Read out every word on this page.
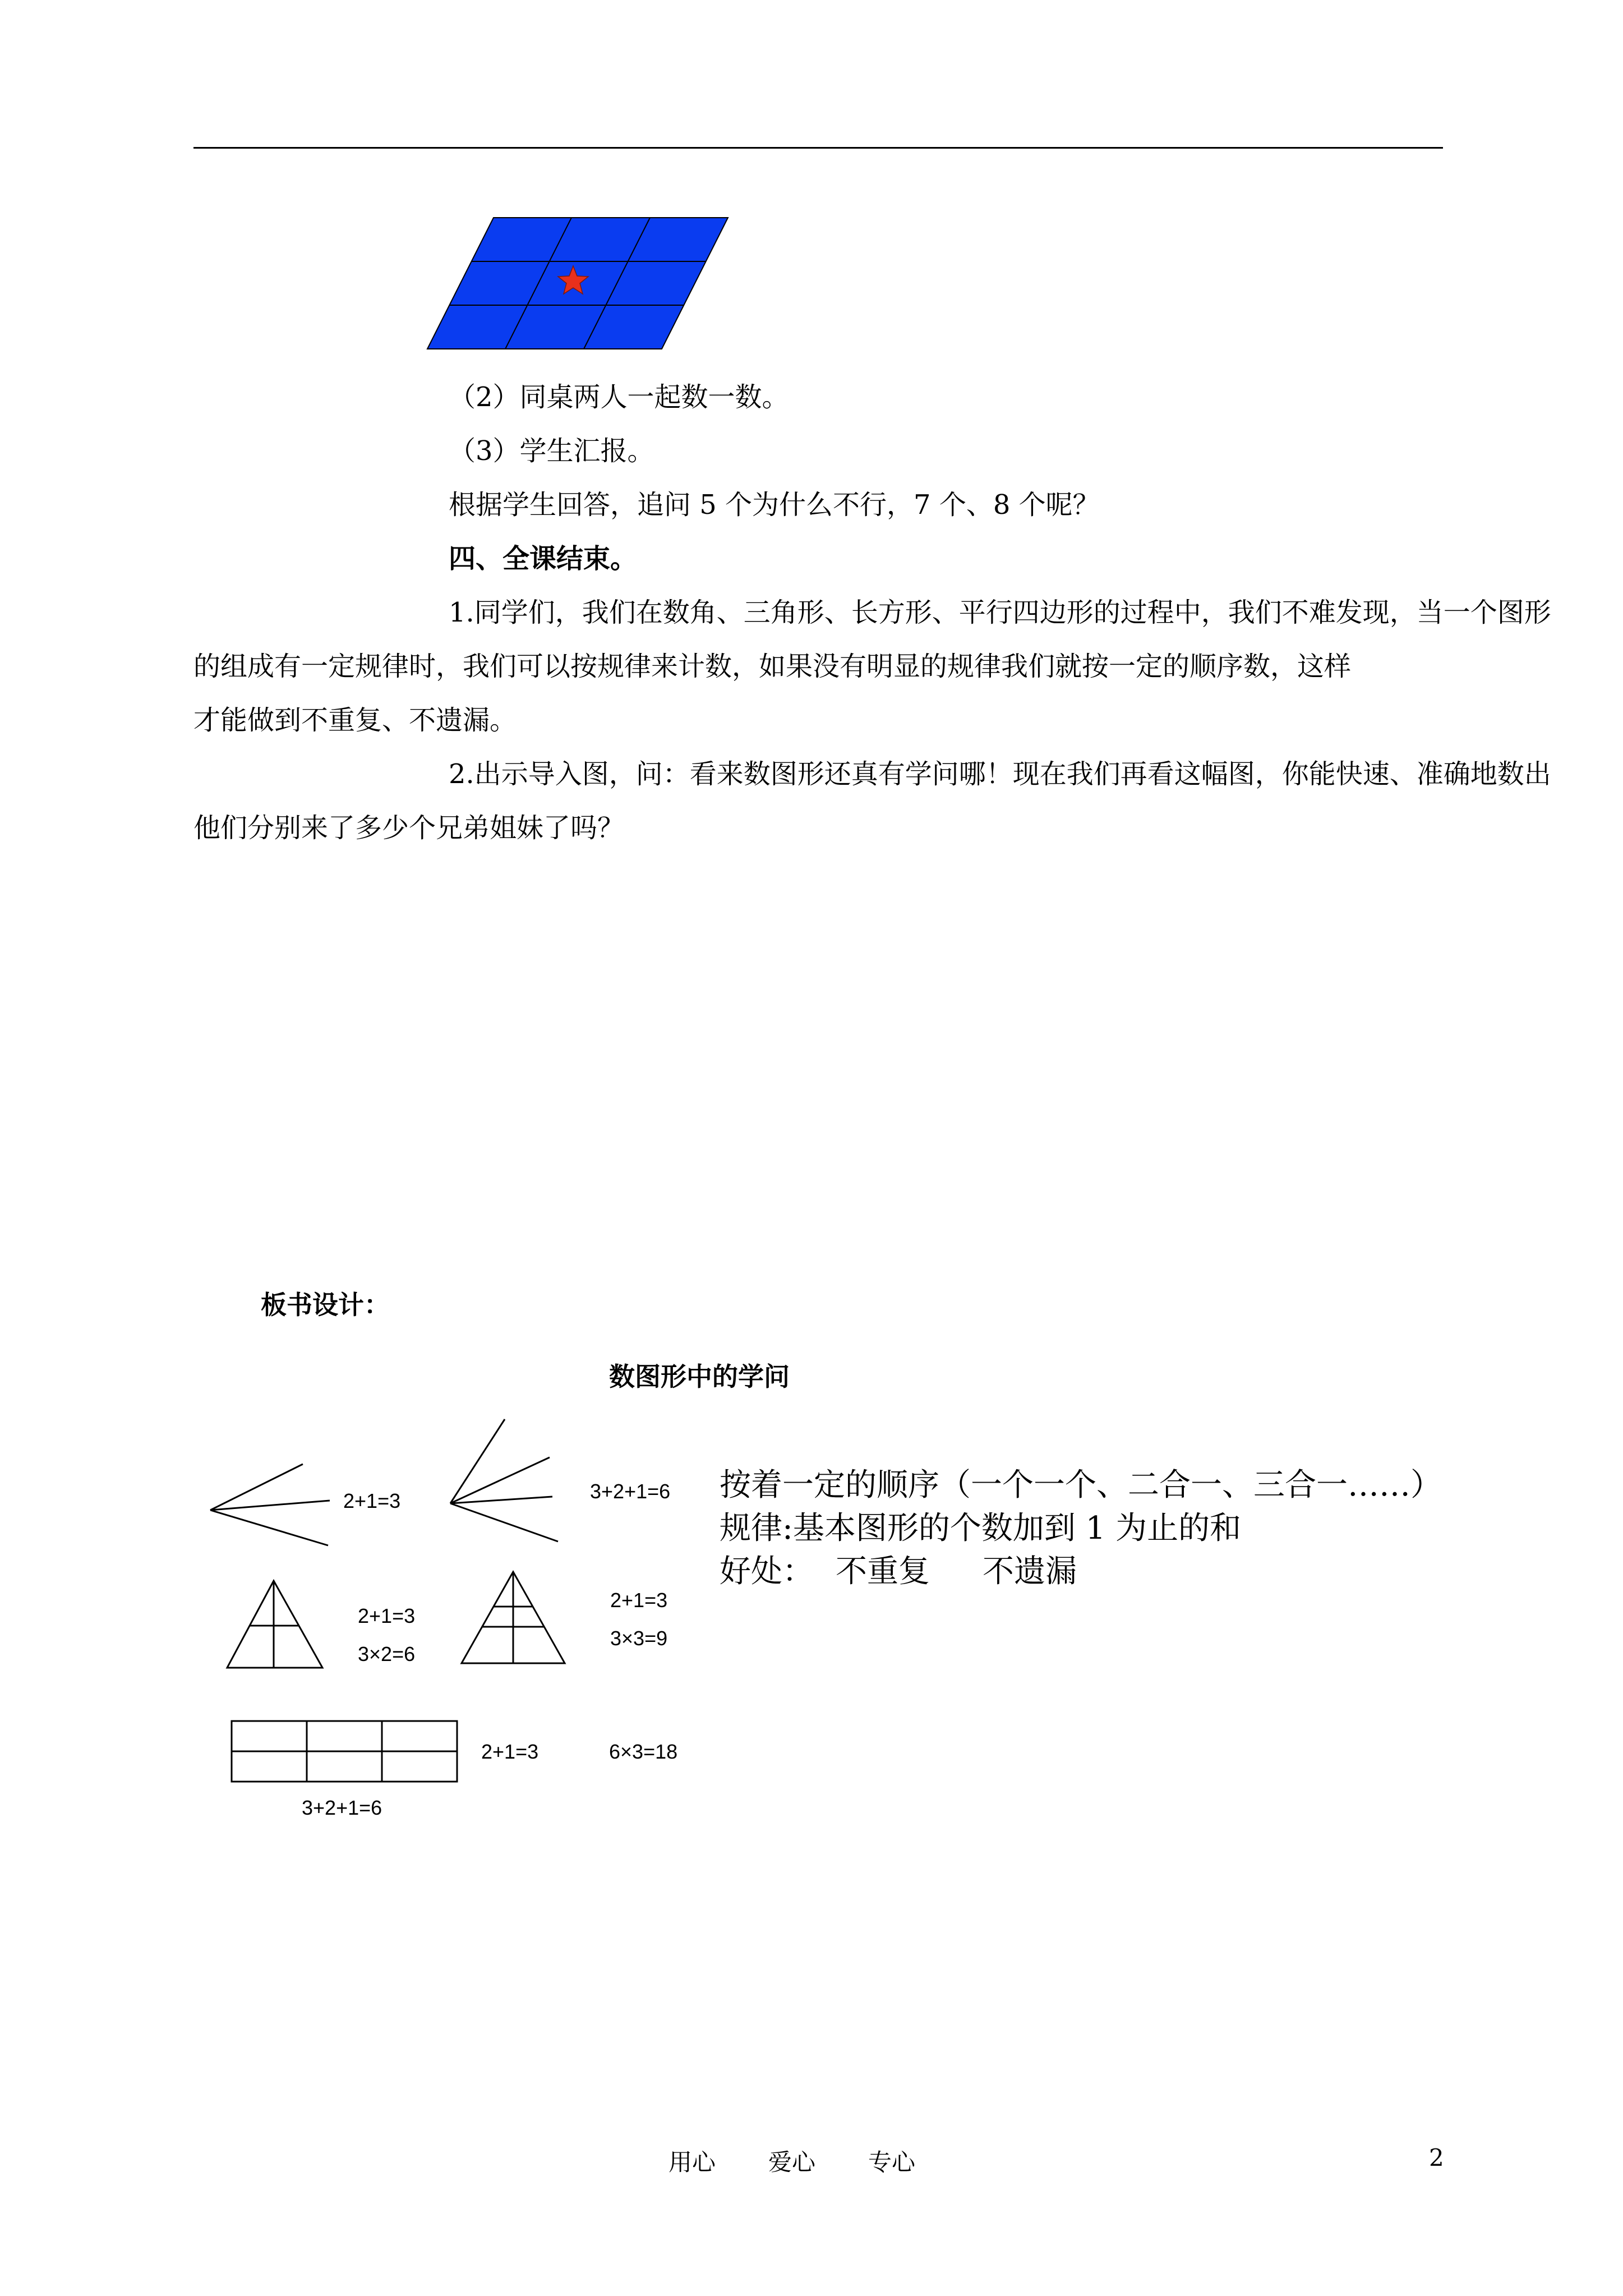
（2）同桌两人一起数一数。
（3）学生汇报。
根据学生回答，追问 5 个为什么不行，7 个、8 个呢？
四、全课结束。
1.同学们，我们在数角、三角形、长方形、平行四边形的过程中，我们不难发现，当一个图形
的组成有一定规律时，我们可以按规律来计数，如果没有明显的规律我们就按一定的顺序数，这样
才能做到不重复、不遗漏。
2.出示导入图，问：看来数图形还真有学问哪！现在我们再看这幅图，你能快速、准确地数出
他们分别来了多少个兄弟姐妹了吗？
板书设计：
数图形中的学问
2+1=3	3+2+1=6
2+1=3
3×2=6
2+1=3
3×3=9
2+1=3	6×3=18
3+2+1=6
按着一定的顺序（一个一个、二合一、三合一……）
规律:基本图形的个数加到 1 为止的和
好处： 不重复 不遗漏
用心 爱心 专心	2
